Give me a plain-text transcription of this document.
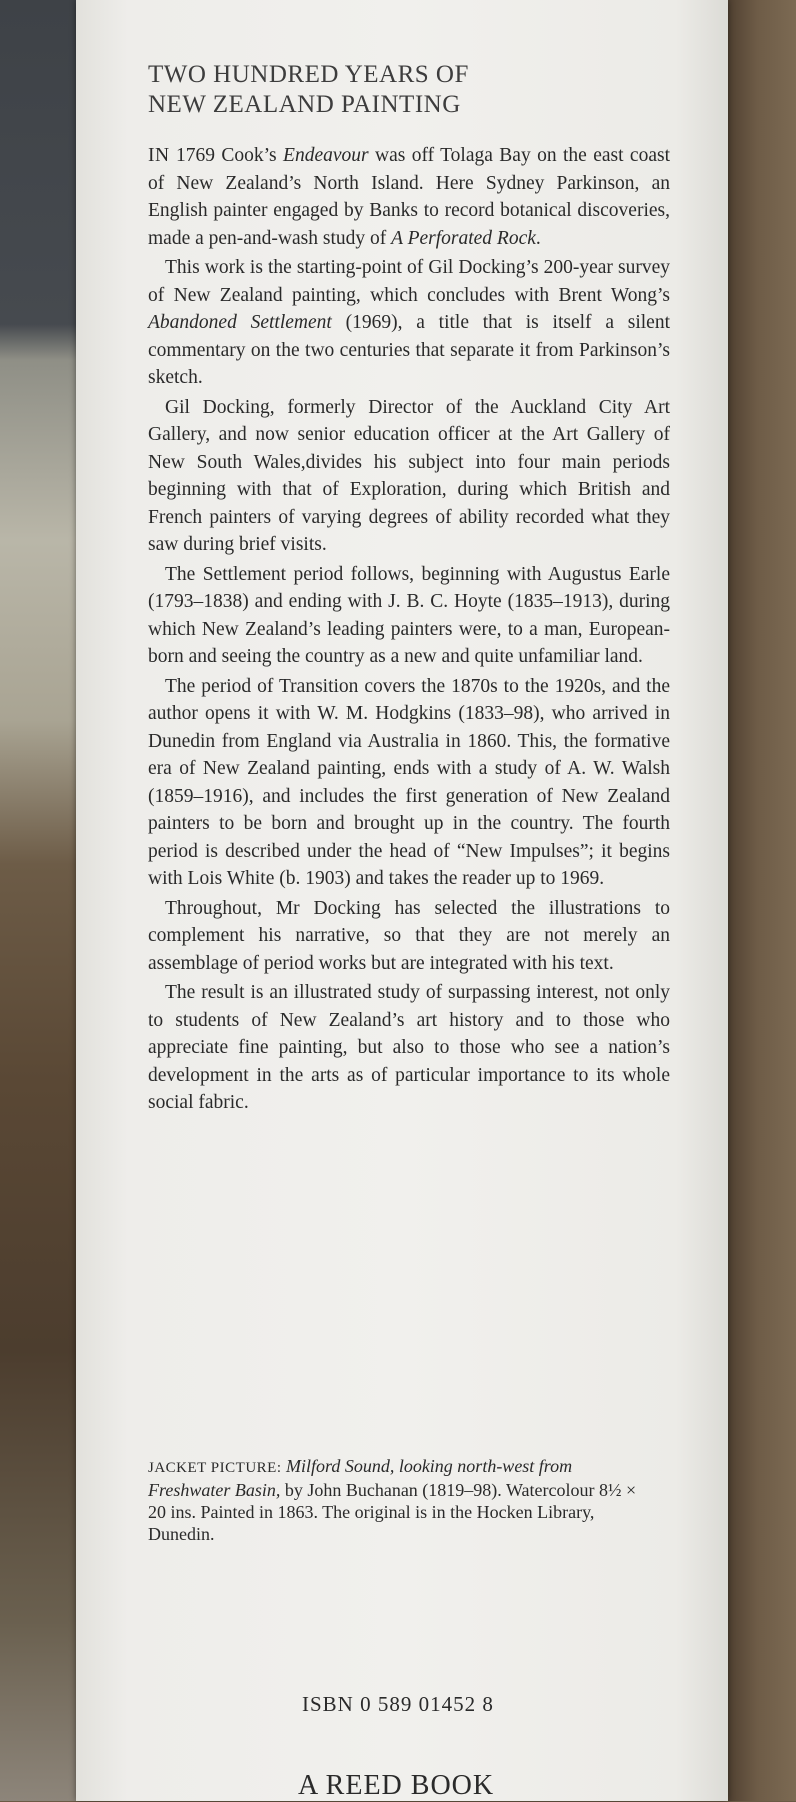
TWO HUNDRED YEARS OF
NEW ZEALAND PAINTING

IN 1769 Cook’s Endeavour was off Tolaga Bay on the east coast of New Zealand’s North Island. Here Sydney Parkinson, an English painter engaged by Banks to record botanical discoveries, made a pen-and-wash study of A Perforated Rock.

This work is the starting-point of Gil Docking’s 200-year survey of New Zealand painting, which concludes with Brent Wong’s Abandoned Settlement (1969), a title that is itself a silent commentary on the two centuries that separate it from Parkinson’s sketch.

Gil Docking, formerly Director of the Auckland City Art Gallery, and now senior education officer at the Art Gallery of New South Wales,divides his subject into four main periods beginning with that of Exploration, during which British and French painters of varying degrees of ability recorded what they saw during brief visits.

The Settlement period follows, beginning with Augustus Earle (1793–1838) and ending with J. B. C. Hoyte (1835–1913), during which New Zealand’s leading painters were, to a man, European-born and seeing the country as a new and quite unfamiliar land.

The period of Transition covers the 1870s to the 1920s, and the author opens it with W. M. Hodgkins (1833–98), who arrived in Dunedin from England via Australia in 1860. This, the formative era of New Zealand painting, ends with a study of A. W. Walsh (1859–1916), and includes the first generation of New Zealand painters to be born and brought up in the country. The fourth period is described under the head of “New Impulses”; it begins with Lois White (b. 1903) and takes the reader up to 1969.

Throughout, Mr Docking has selected the illustrations to complement his narrative, so that they are not merely an assemblage of period works but are integrated with his text.

The result is an illustrated study of surpassing interest, not only to students of New Zealand’s art history and to those who appreciate fine painting, but also to those who see a nation’s development in the arts as of particular importance to its whole social fabric.

JACKET PICTURE: Milford Sound, looking north-west from Freshwater Basin, by John Buchanan (1819–98). Watercolour 8½ × 20 ins. Painted in 1863. The original is in the Hocken Library, Dunedin.
ISBN 0 589 01452 8
A REED BOOK
